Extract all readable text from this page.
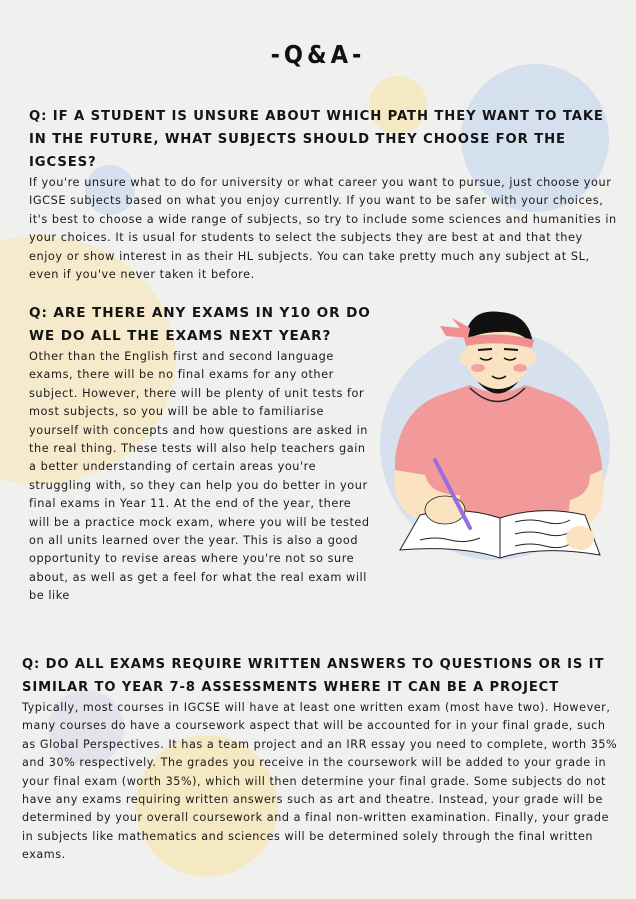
-Q&A-
Q: IF A STUDENT IS UNSURE ABOUT WHICH PATH THEY WANT TO TAKE IN THE FUTURE, WHAT SUBJECTS SHOULD THEY CHOOSE FOR THE IGCSES?

If you're unsure what to do for university or what career you want to pursue, just choose your IGCSE subjects based on what you enjoy currently. If you want to be safer with your choices, it's best to choose a wide range of subjects, so try to include some sciences and humanities in your choices. It is usual for students to select the subjects they are best at and that they enjoy or show interest in as their HL subjects. You can take pretty much any subject at SL, even if you've never taken it before.

Q: ARE THERE ANY EXAMS IN Y10 OR DO WE DO ALL THE EXAMS NEXT YEAR?

Other than the English first and second language exams, there will be no final exams for any other subject. However, there will be plenty of unit tests for most subjects, so you will be able to familiarise yourself with concepts and how questions are asked in the real thing. These tests will also help teachers gain a better understanding of certain areas you're struggling with, so they can help you do better in your final exams in Year 11. At the end of the year, there will be a practice mock exam, where you will be tested on all units learned over the year. This is also a good opportunity to revise areas where you're not so sure about, as well as get a feel for what the real exam will be like

Q: DO ALL EXAMS REQUIRE WRITTEN ANSWERS TO QUESTIONS OR IS IT SIMILAR TO YEAR 7-8 ASSESSMENTS WHERE IT CAN BE A PROJECT

Typically, most courses in IGCSE will have at least one written exam (most have two). However, many courses do have a coursework aspect that will be accounted for in your final grade, such as Global Perspectives. It has a team project and an IRR essay you need to complete, worth 35% and 30% respectively. The grades you receive in the coursework will be added to your grade in your final exam (worth 35%), which will then determine your final grade. Some subjects do not have any exams requiring written answers such as art and theatre. Instead, your grade will be determined by your overall coursework and a final non-written examination. Finally, your grade in subjects like mathematics and sciences will be determined solely through the final written exams.
